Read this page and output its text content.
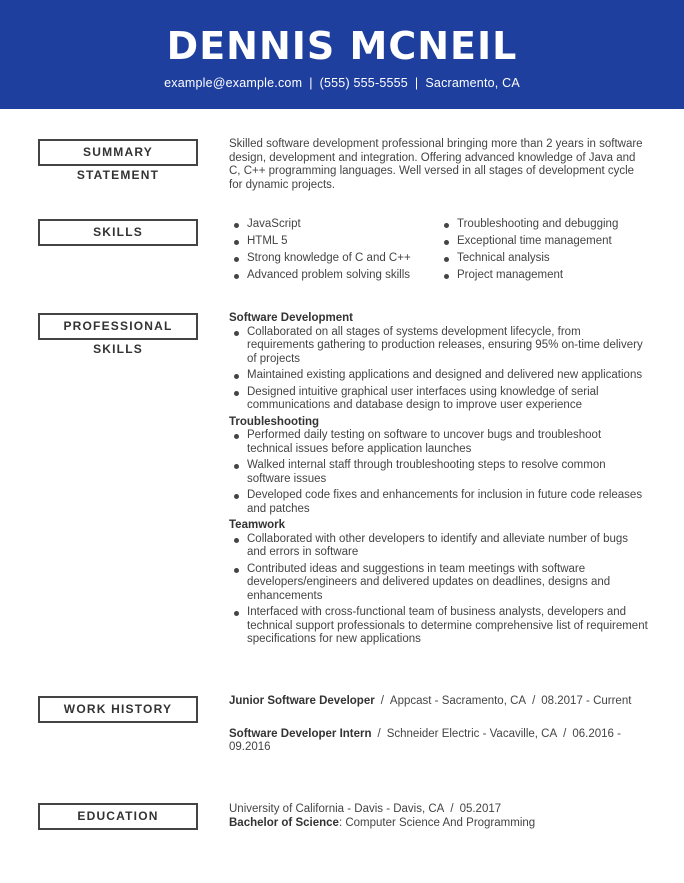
DENNIS MCNEIL
example@example.com | (555) 555-5555 | Sacramento, CA
SUMMARY STATEMENT
Skilled software development professional bringing more than 2 years in software design, development and integration. Offering advanced knowledge of Java and C, C++ programming languages. Well versed in all stages of development cycle for dynamic projects.
SKILLS
JavaScript
HTML 5
Strong knowledge of C and C++
Advanced problem solving skills
Troubleshooting and debugging
Exceptional time management
Technical analysis
Project management
PROFESSIONAL SKILLS
Software Development
Collaborated on all stages of systems development lifecycle, from requirements gathering to production releases, ensuring 95% on-time delivery of projects
Maintained existing applications and designed and delivered new applications
Designed intuitive graphical user interfaces using knowledge of serial communications and database design to improve user experience
Troubleshooting
Performed daily testing on software to uncover bugs and troubleshoot technical issues before application launches
Walked internal staff through troubleshooting steps to resolve common software issues
Developed code fixes and enhancements for inclusion in future code releases and patches
Teamwork
Collaborated with other developers to identify and alleviate number of bugs and errors in software
Contributed ideas and suggestions in team meetings with software developers/engineers and delivered updates on deadlines, designs and enhancements
Interfaced with cross-functional team of business analysts, developers and technical support professionals to determine comprehensive list of requirement specifications for new applications
WORK HISTORY
Junior Software Developer / Appcast - Sacramento, CA / 08.2017 - Current
Software Developer Intern / Schneider Electric - Vacaville, CA / 06.2016 - 09.2016
EDUCATION	University of California - Davis - Davis, CA / 05.2017
Bachelor of Science: Computer Science And Programming
